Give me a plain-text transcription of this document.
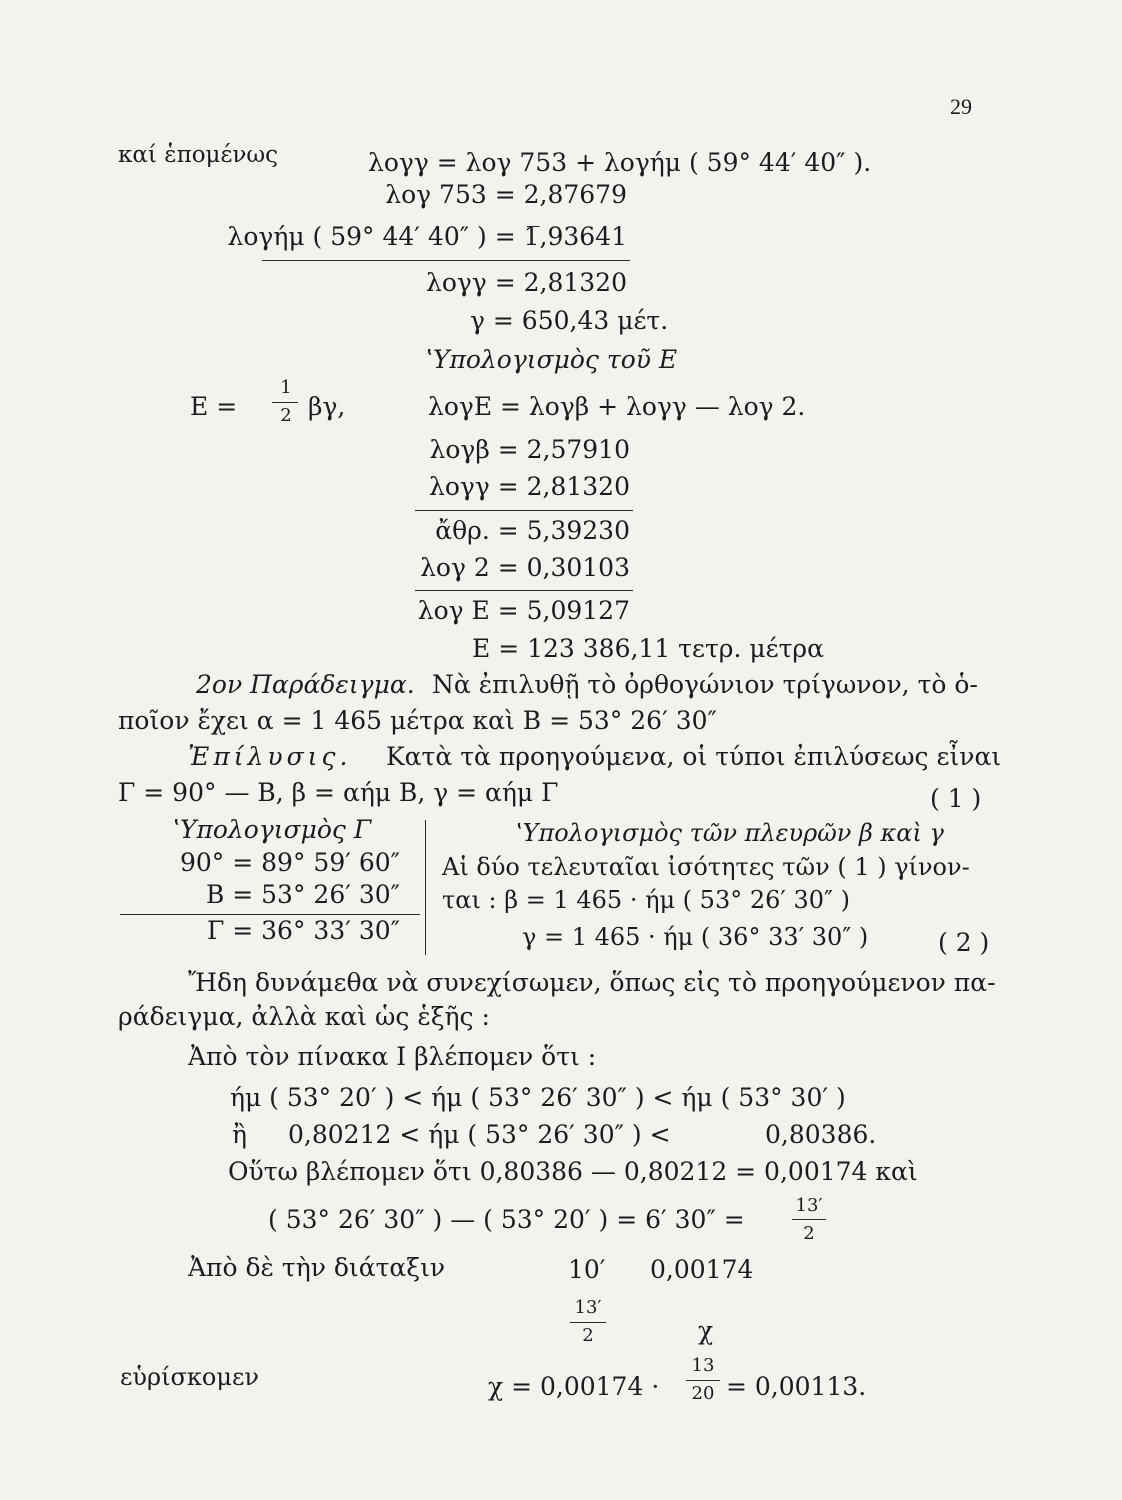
29
καί ἑπομένως	λογγ = λογ 753 + λογήμ ( 59° 44′ 40″ ).
λογ 753 = 2,87679
λογήμ ( 59° 44′ 40″ ) = 1̅,93641
λογγ = 2,81320
γ = 650,43 μέτ.
ʽΥπολογισμὸς τοῦ Ε
Ε =
1
2 βγ,	λογΕ = λογβ + λογγ — λογ 2.
λογβ = 2,57910
λογγ = 2,81320
ἄθρ. = 5,39230
λογ 2 = 0,30103
λογ Ε = 5,09127
Ε = 123 386,11 τετρ. μέτρα
2ον Παράδειγμα. Νὰ ἐπιλυθῇ τὸ ὀρθογώνιον τρίγωνον, τὸ ὁ-
ποῖον ἔχει α = 1 465 μέτρα καὶ Β = 53° 26′ 30″
Ἐπίλυσις. Κατὰ τὰ προηγούμενα, οἱ τύποι ἐπιλύσεως εἶναι
Γ = 90° — Β, β = αήμ Β, γ = αήμ Γ	( 1 )
ʽΥπολογισμὸς Γ
90° = 89° 59′ 60″
Β = 53° 26′ 30″
Γ = 36° 33′ 30″
ʽΥπολογισμὸς τῶν πλευρῶν β καὶ γ
Αἱ δύο τελευταῖαι ἰσότητες τῶν ( 1 ) γίνον-
ται : β = 1 465 · ήμ ( 53° 26′ 30″ )
γ = 1 465 · ήμ ( 36° 33′ 30″ )	( 2 )
Ἤδη δυνάμεθα νὰ συνεχίσωμεν, ὅπως εἰς τὸ προηγούμενον πα-
ράδειγμα, ἀλλὰ καὶ ὡς ἑξῆς :
Ἀπὸ τὸν πίνακα Ι βλέπομεν ὅτι :
ήμ ( 53° 20′ ) < ήμ ( 53° 26′ 30″ ) < ήμ ( 53° 30′ )
ἢ 0,80212 < ήμ ( 53° 26′ 30″ ) <	0,80386.
Οὕτω βλέπομεν ὅτι 0,80386 — 0,80212 = 0,00174 καὶ
( 53° 26′ 30″ ) — ( 53° 20′ ) = 6′ 30″ =	13′
2
Ἀπὸ δὲ τὴν διάταξιν	10′ 0,00174
13′
2	χ
εὑρίσκομεν	χ = 0,00174 ·
13
20 = 0,00113.
